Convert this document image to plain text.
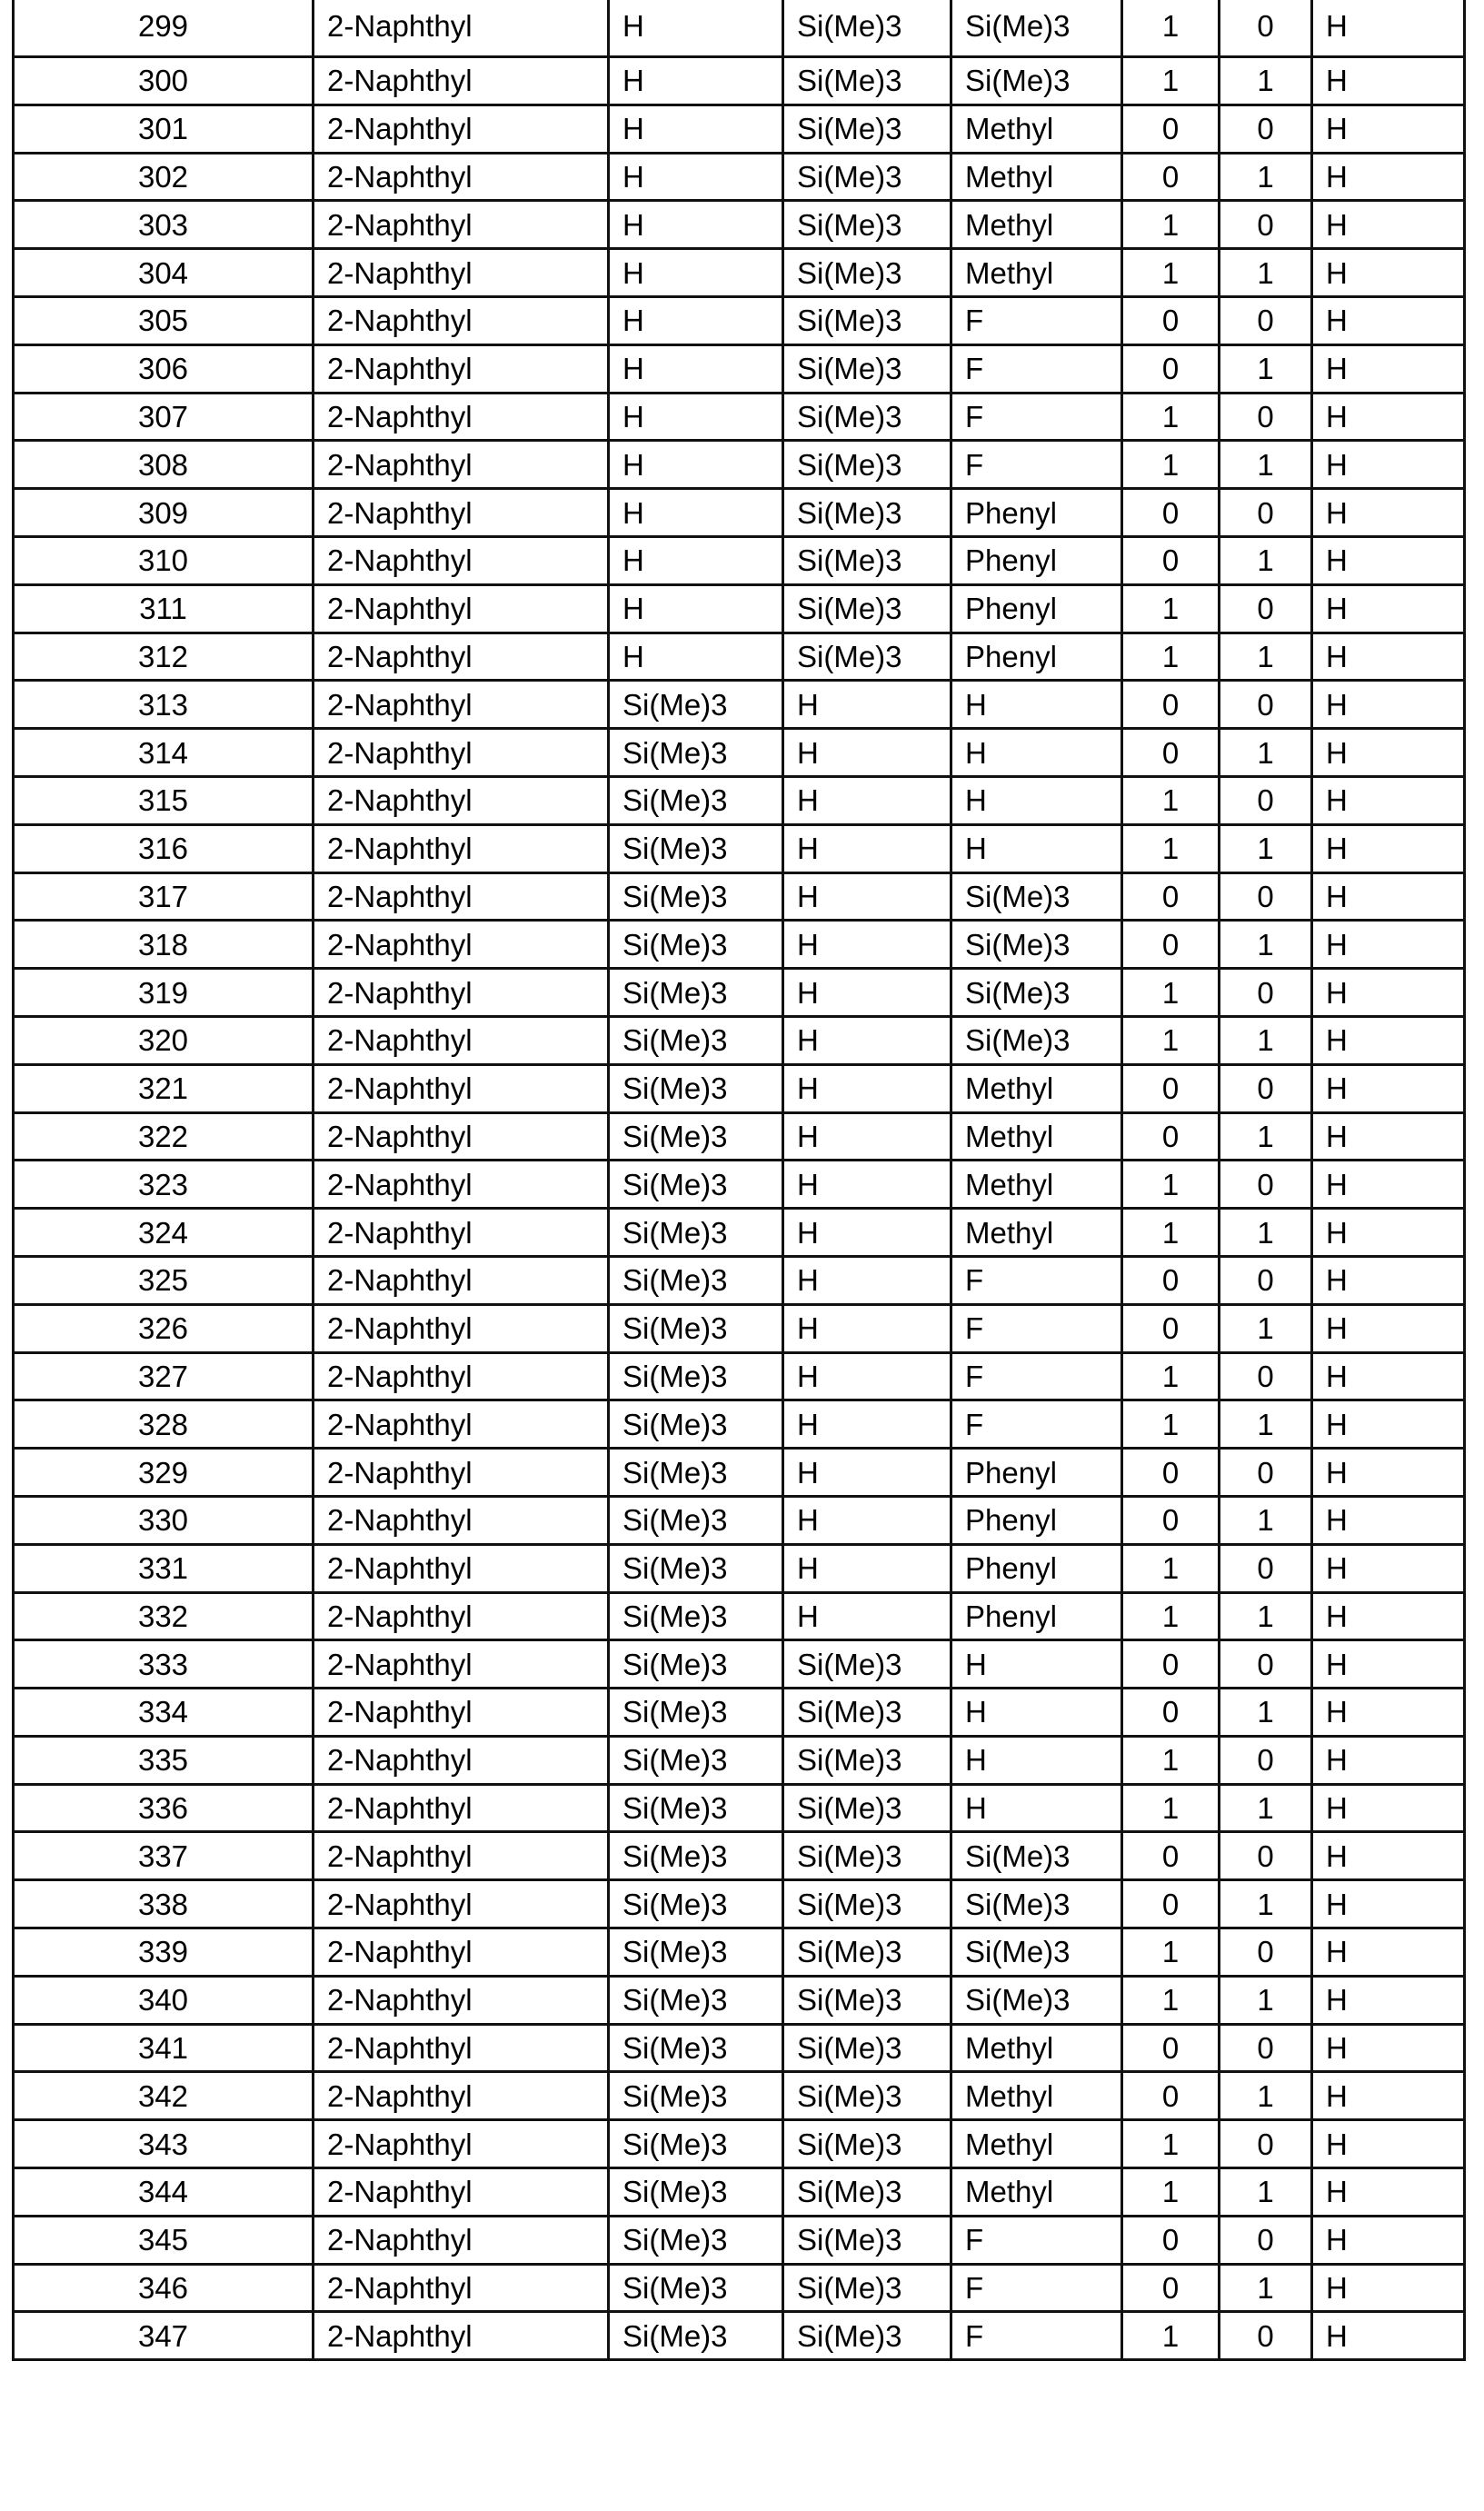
299	2-Naphthyl	H	Si(Me)3	Si(Me)3	1	0	H
300	2-Naphthyl	H	Si(Me)3	Si(Me)3	1	1	H
301	2-Naphthyl	H	Si(Me)3	Methyl	0	0	H
302	2-Naphthyl	H	Si(Me)3	Methyl	0	1	H
303	2-Naphthyl	H	Si(Me)3	Methyl	1	0	H
304	2-Naphthyl	H	Si(Me)3	Methyl	1	1	H
305	2-Naphthyl	H	Si(Me)3	F	0	0	H
306	2-Naphthyl	H	Si(Me)3	F	0	1	H
307	2-Naphthyl	H	Si(Me)3	F	1	0	H
308	2-Naphthyl	H	Si(Me)3	F	1	1	H
309	2-Naphthyl	H	Si(Me)3	Phenyl	0	0	H
310	2-Naphthyl	H	Si(Me)3	Phenyl	0	1	H
311	2-Naphthyl	H	Si(Me)3	Phenyl	1	0	H
312	2-Naphthyl	H	Si(Me)3	Phenyl	1	1	H
313	2-Naphthyl	Si(Me)3	H	H	0	0	H
314	2-Naphthyl	Si(Me)3	H	H	0	1	H
315	2-Naphthyl	Si(Me)3	H	H	1	0	H
316	2-Naphthyl	Si(Me)3	H	H	1	1	H
317	2-Naphthyl	Si(Me)3	H	Si(Me)3	0	0	H
318	2-Naphthyl	Si(Me)3	H	Si(Me)3	0	1	H
319	2-Naphthyl	Si(Me)3	H	Si(Me)3	1	0	H
320	2-Naphthyl	Si(Me)3	H	Si(Me)3	1	1	H
321	2-Naphthyl	Si(Me)3	H	Methyl	0	0	H
322	2-Naphthyl	Si(Me)3	H	Methyl	0	1	H
323	2-Naphthyl	Si(Me)3	H	Methyl	1	0	H
324	2-Naphthyl	Si(Me)3	H	Methyl	1	1	H
325	2-Naphthyl	Si(Me)3	H	F	0	0	H
326	2-Naphthyl	Si(Me)3	H	F	0	1	H
327	2-Naphthyl	Si(Me)3	H	F	1	0	H
328	2-Naphthyl	Si(Me)3	H	F	1	1	H
329	2-Naphthyl	Si(Me)3	H	Phenyl	0	0	H
330	2-Naphthyl	Si(Me)3	H	Phenyl	0	1	H
331	2-Naphthyl	Si(Me)3	H	Phenyl	1	0	H
332	2-Naphthyl	Si(Me)3	H	Phenyl	1	1	H
333	2-Naphthyl	Si(Me)3	Si(Me)3	H	0	0	H
334	2-Naphthyl	Si(Me)3	Si(Me)3	H	0	1	H
335	2-Naphthyl	Si(Me)3	Si(Me)3	H	1	0	H
336	2-Naphthyl	Si(Me)3	Si(Me)3	H	1	1	H
337	2-Naphthyl	Si(Me)3	Si(Me)3	Si(Me)3	0	0	H
338	2-Naphthyl	Si(Me)3	Si(Me)3	Si(Me)3	0	1	H
339	2-Naphthyl	Si(Me)3	Si(Me)3	Si(Me)3	1	0	H
340	2-Naphthyl	Si(Me)3	Si(Me)3	Si(Me)3	1	1	H
341	2-Naphthyl	Si(Me)3	Si(Me)3	Methyl	0	0	H
342	2-Naphthyl	Si(Me)3	Si(Me)3	Methyl	0	1	H
343	2-Naphthyl	Si(Me)3	Si(Me)3	Methyl	1	0	H
344	2-Naphthyl	Si(Me)3	Si(Me)3	Methyl	1	1	H
345	2-Naphthyl	Si(Me)3	Si(Me)3	F	0	0	H
346	2-Naphthyl	Si(Me)3	Si(Me)3	F	0	1	H
347	2-Naphthyl	Si(Me)3	Si(Me)3	F	1	0	H
